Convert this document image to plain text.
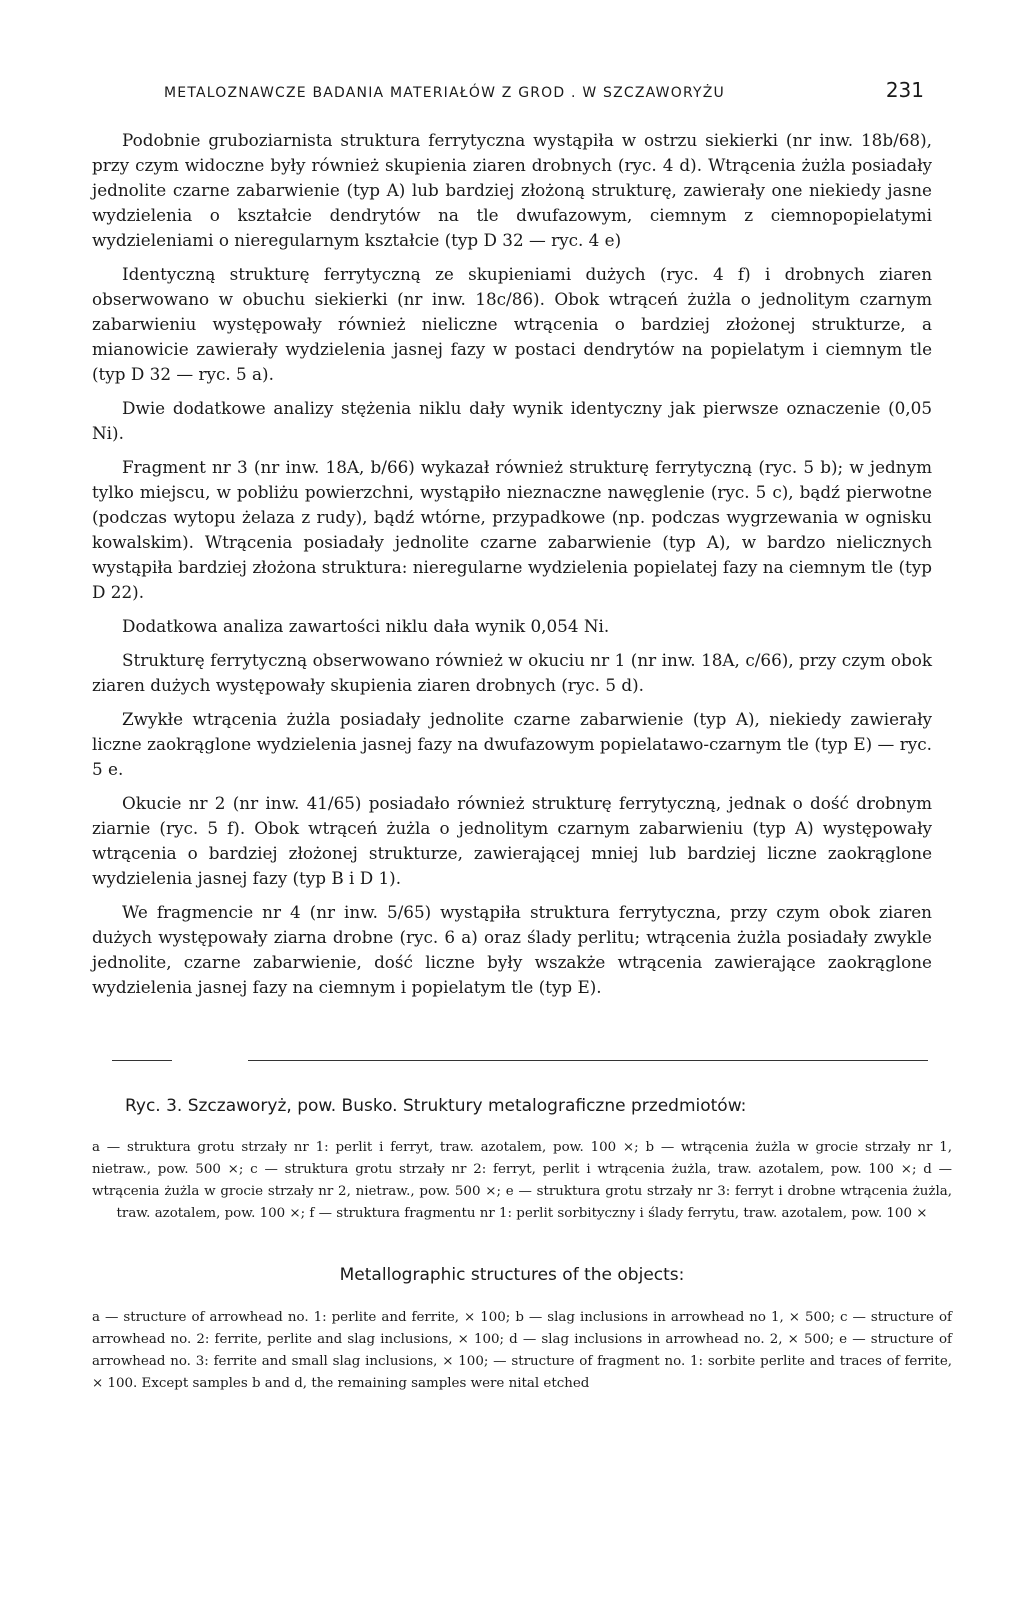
METALOZNAWCZE BADANIA MATERIAŁÓW Z GROD . W SZCZAWORYŻU	231

Podobnie gruboziarnista struktura ferrytyczna wystąpiła w ostrzu siekierki (nr inw. 18b/68), przy czym widoczne były również skupienia ziaren drobnych (ryc. 4 d). Wtrącenia żużla posiadały jednolite czarne zabarwienie (typ A) lub bardziej złożoną strukturę, zawierały one niekiedy jasne wydzielenia o kształcie dendrytów na tle dwufazowym, ciemnym z ciemnopopielatymi wydzieleniami o nieregularnym kształcie (typ D 32 — ryc. 4 e)

Identyczną strukturę ferrytyczną ze skupieniami dużych (ryc. 4 f) i drobnych ziaren obserwowano w obuchu siekierki (nr inw. 18c/86). Obok wtrąceń żużla o jednolitym czarnym zabarwieniu występowały również nieliczne wtrącenia o bardziej złożonej strukturze, a mianowicie zawierały wydzielenia jasnej fazy w postaci dendrytów na popielatym i ciemnym tle (typ D 32 — ryc. 5 a).

Dwie dodatkowe analizy stężenia niklu dały wynik identyczny jak pierwsze oznaczenie (0,05 Ni).

Fragment nr 3 (nr inw. 18A, b/66) wykazał również strukturę ferrytyczną (ryc. 5 b); w jednym tylko miejscu, w pobliżu powierzchni, wystąpiło nieznaczne nawęglenie (ryc. 5 c), bądź pierwotne (podczas wytopu żelaza z rudy), bądź wtórne, przypadkowe (np. podczas wygrzewania w ognisku kowalskim). Wtrącenia posiadały jednolite czarne zabarwienie (typ A), w bardzo nielicznych wystąpiła bardziej złożona struktura: nieregularne wydzielenia popielatej fazy na ciemnym tle (typ D 22).

Dodatkowa analiza zawartości niklu dała wynik 0,054 Ni.

Strukturę ferrytyczną obserwowano również w okuciu nr 1 (nr inw. 18A, c/66), przy czym obok ziaren dużych występowały skupienia ziaren drobnych (ryc. 5 d).

Zwykłe wtrącenia żużla posiadały jednolite czarne zabarwienie (typ A), niekiedy zawierały liczne zaokrąglone wydzielenia jasnej fazy na dwufazowym popielatawo-czarnym tle (typ E) — ryc. 5 e.

Okucie nr 2 (nr inw. 41/65) posiadało również strukturę ferrytyczną, jednak o dość drobnym ziarnie (ryc. 5 f). Obok wtrąceń żużla o jednolitym czarnym zabarwieniu (typ A) występowały wtrącenia o bardziej złożonej strukturze, zawierającej mniej lub bardziej liczne zaokrąglone wydzielenia jasnej fazy (typ B i D 1).

We fragmencie nr 4 (nr inw. 5/65) wystąpiła struktura ferrytyczna, przy czym obok ziaren dużych występowały ziarna drobne (ryc. 6 a) oraz ślady perlitu; wtrącenia żużla posiadały zwykle jednolite, czarne zabarwienie, dość liczne były wszakże wtrącenia zawierające zaokrąglone wydzielenia jasnej fazy na ciemnym i popielatym tle (typ E).

Ryc. 3. Szczaworyż, pow. Busko. Struktury metalograficzne przedmiotów:
a — struktura grotu strzały nr 1: perlit i ferryt, traw. azotalem, pow. 100 ×; b — wtrącenia żużla w grocie strzały nr 1, nietraw., pow. 500 ×; c — struktura grotu strzały nr 2: ferryt, perlit i wtrącenia żużla, traw. azotalem, pow. 100 ×; d — wtrącenia żużla w grocie strzały nr 2, nietraw., pow. 500 ×; e — struktura grotu strzały nr 3: ferryt i drobne wtrącenia żużla, traw. azotalem, pow. 100 ×; f — struktura fragmentu nr 1: perlit sorbityczny i ślady ferrytu, traw. azotalem, pow. 100 ×
Metallographic structures of the objects:
a — structure of arrowhead no. 1: perlite and ferrite, × 100; b — slag inclusions in arrowhead no 1, × 500; c — structure of arrowhead no. 2: ferrite, perlite and slag inclusions, × 100; d — slag inclusions in arrowhead no. 2, × 500; e — structure of arrowhead no. 3: ferrite and small slag inclusions, × 100; — structure of fragment no. 1: sorbite perlite and traces of ferrite, × 100. Except samples b and d, the remaining samples were nital etched
